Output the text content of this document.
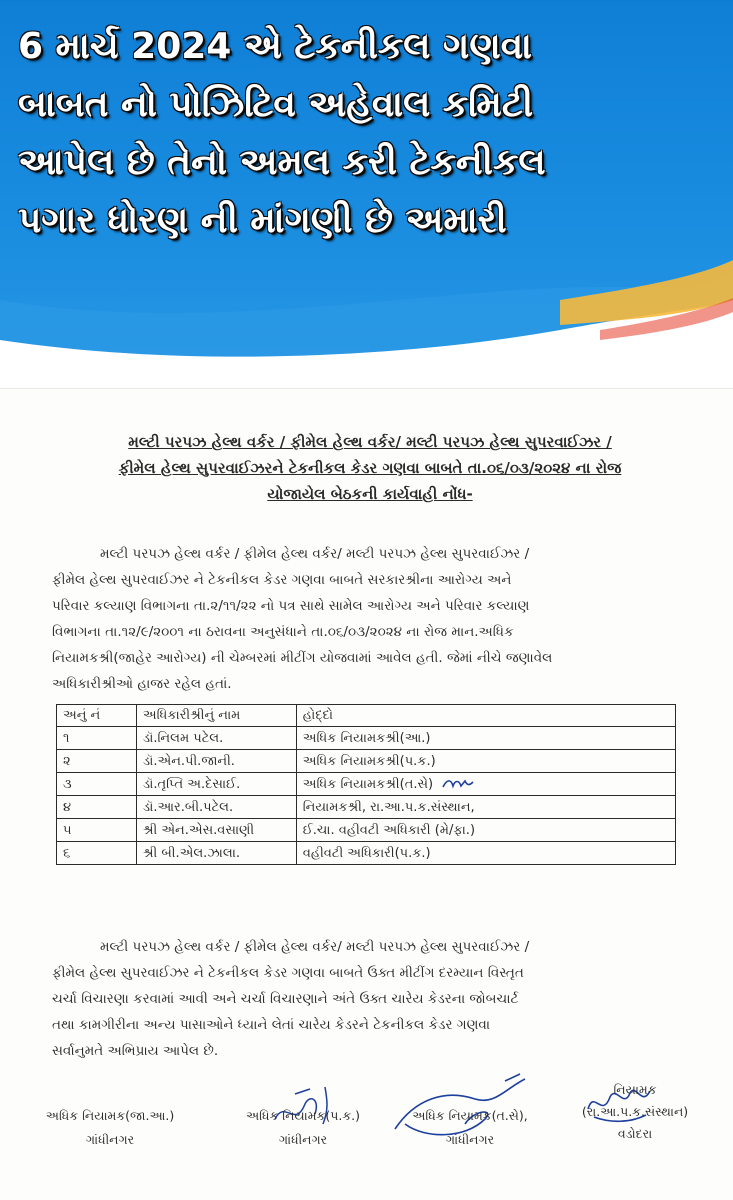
6 માર્ચ 2024 એ ટેકનીકલ ગણવા
બાબત નો પોઝિટિવ અહેવાલ કમિટી
આપેલ છે તેનો અમલ કરી ટેકનીકલ
પગાર ધોરણ ની માંગણી છે અમારી
મલ્ટી પરપઝ હેલ્થ વર્કર / ફીમેલ હેલ્થ વર્કર/ મલ્ટી પરપઝ હેલ્થ સુપરવાઈઝર /
ફીમેલ હેલ્થ સુપરવાઈઝરને ટેકનીકલ કેડર ગણવા બાબતે તા.૦૬/૦૩/૨૦૨૪ ના રોજ
યોજાયેલ બેઠકની કાર્યવાહી નોંધ-
મલ્ટી પરપઝ હેલ્થ વર્કર / ફીમેલ હેલ્થ વર્કર/ મલ્ટી પરપઝ હેલ્થ સુપરવાઈઝર /
ફીમેલ હેલ્થ સુપરવાઈઝર ને ટેકનીકલ કેડર ગણવા બાબતે સરકારશ્રીના આરોગ્ય અને
પરિવાર કલ્યાણ વિભાગના તા.૨/૧૧/૨૨ નો પત્ર સાથે સામેલ આરોગ્ય અને પરિવાર કલ્યાણ
વિભાગના તા.૧૨/૯/૨૦૦૧ ના ઠરાવના અનુસંધાને તા.૦૬/૦૩/૨૦૨૪ ના રોજ માન.અધિક
નિયામકશ્રી(જાહેર આરોગ્ય) ની ચેમ્બરમાં મીટીંગ યોજવામાં આવેલ હતી. જેમાં નીચે જણાવેલ
અધિકારીશ્રીઓ હાજર રહેલ હતાં.
અનું નં	અધિકારીશ્રીનું નામ	હોદ્દો
૧	ડૉ.નિલમ પટેલ.	અધિક નિયામકશ્રી(આ.)
૨	ડૉ.એન.પી.જાની.	અધિક નિયામકશ્રી(પ.ક.)
૩	ડૉ.તૃપ્તિ અ.દેસાઈ.	અધિક નિયામકશ્રી(ત.સે)
૪	ડૉ.આર.બી.પટેલ.	નિયામકશ્રી, રા.આ.પ.ક.સંસ્થાન,
૫	શ્રી એન.એસ.વસાણી	ઈ.ચા. વહીવટી અધિકારી (મે/ફા.)
૬	શ્રી બી.એલ.ઝાલા.	વહીવટી અધિકારી(પ.ક.)
મલ્ટી પરપઝ હેલ્થ વર્કર / ફીમેલ હેલ્થ વર્કર/ મલ્ટી પરપઝ હેલ્થ સુપરવાઈઝર /
ફીમેલ હેલ્થ સુપરવાઈઝર ને ટેકનીકલ કેડર ગણવા બાબતે ઉક્ત મીટીંગ દરમ્યાન વિસ્તૃત
ચર્ચા વિચારણા કરવામાં આવી અને ચર્ચા વિચારણાને અંતે ઉક્ત ચારેય કેડરના જોબચાર્ટ
તથા કામગીરીના અન્ય પાસાઓને ધ્યાને લેતાં ચારેય કેડરને ટેકનીકલ કેડર ગણવા
સર્વાનુમતે અભિપ્રાય આપેલ છે.
અધિક નિયામક(જા.આ.)
ગાંધીનગર
અધિક નિયામક(પ.ક.)
ગાંધીનગર
અધિક નિયામક(ત.સે),
ગાંધીનગર
નિયામક
(રા.આ.પ.ક.સંસ્થાન)
વડોદરા
